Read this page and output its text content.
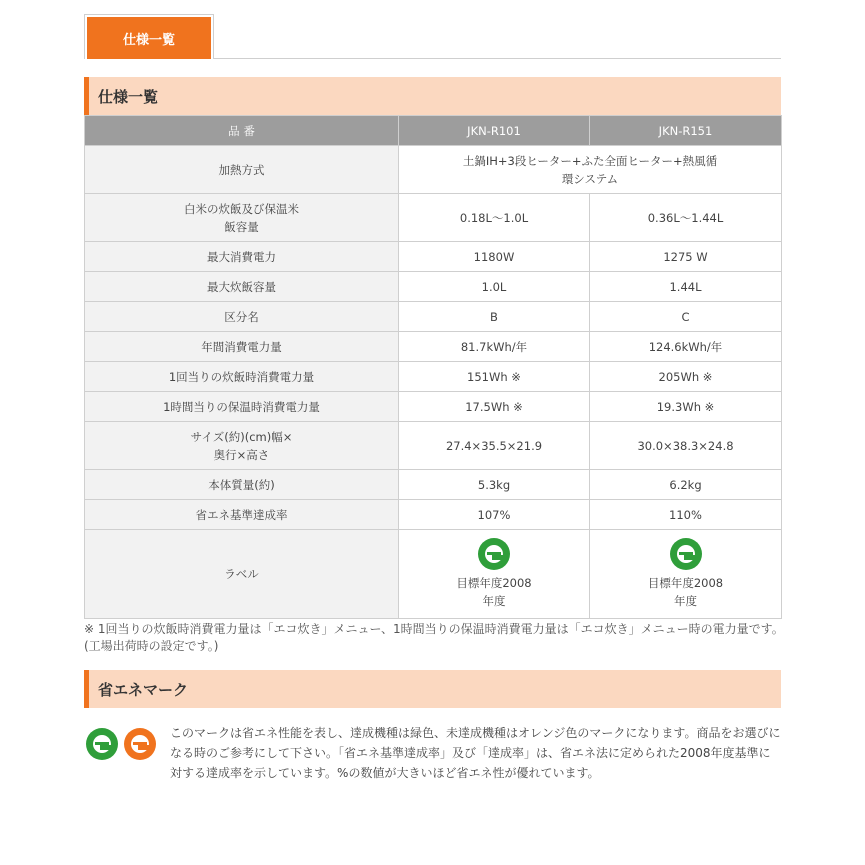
仕様一覧
仕様一覧
品 番	JKN-R101	JKN-R151
加熱方式	土鍋IH+3段ヒーター+ふた全面ヒーター+熱風循環システム	
白米の炊飯及び保温米飯容量	0.18L～1.0L	0.36L～1.44L
最大消費電力	1180W	1275 W
最大炊飯容量	1.0L	1.44L
区分名	B	C
年間消費電力量	81.7kWh/年	124.6kWh/年
1回当りの炊飯時消費電力量	151Wh ※	205Wh ※
1時間当りの保温時消費電力量	17.5Wh ※	19.3Wh ※
サイズ(約)(cm)幅×奥行×高さ	27.4×35.5×21.9	30.0×38.3×24.8
本体質量(約)	5.3kg	6.2kg
省エネ基準達成率	107%	110%
ラベル	目標年度2008年度	目標年度2008年度
※ 1回当りの炊飯時消費電力量は「エコ炊き」メニュー、1時間当りの保温時消費電力量は「エコ炊き」メニュー時の電力量です。(工場出荷時の設定です。)
省エネマーク
このマークは省エネ性能を表し、達成機種は緑色、未達成機種はオレンジ色のマークになります。商品をお選びになる時のご参考にして下さい。「省エネ基準達成率」及び「達成率」は、省エネ法に定められた2008年度基準に対する達成率を示しています。%の数値が大きいほど省エネ性が優れています。
